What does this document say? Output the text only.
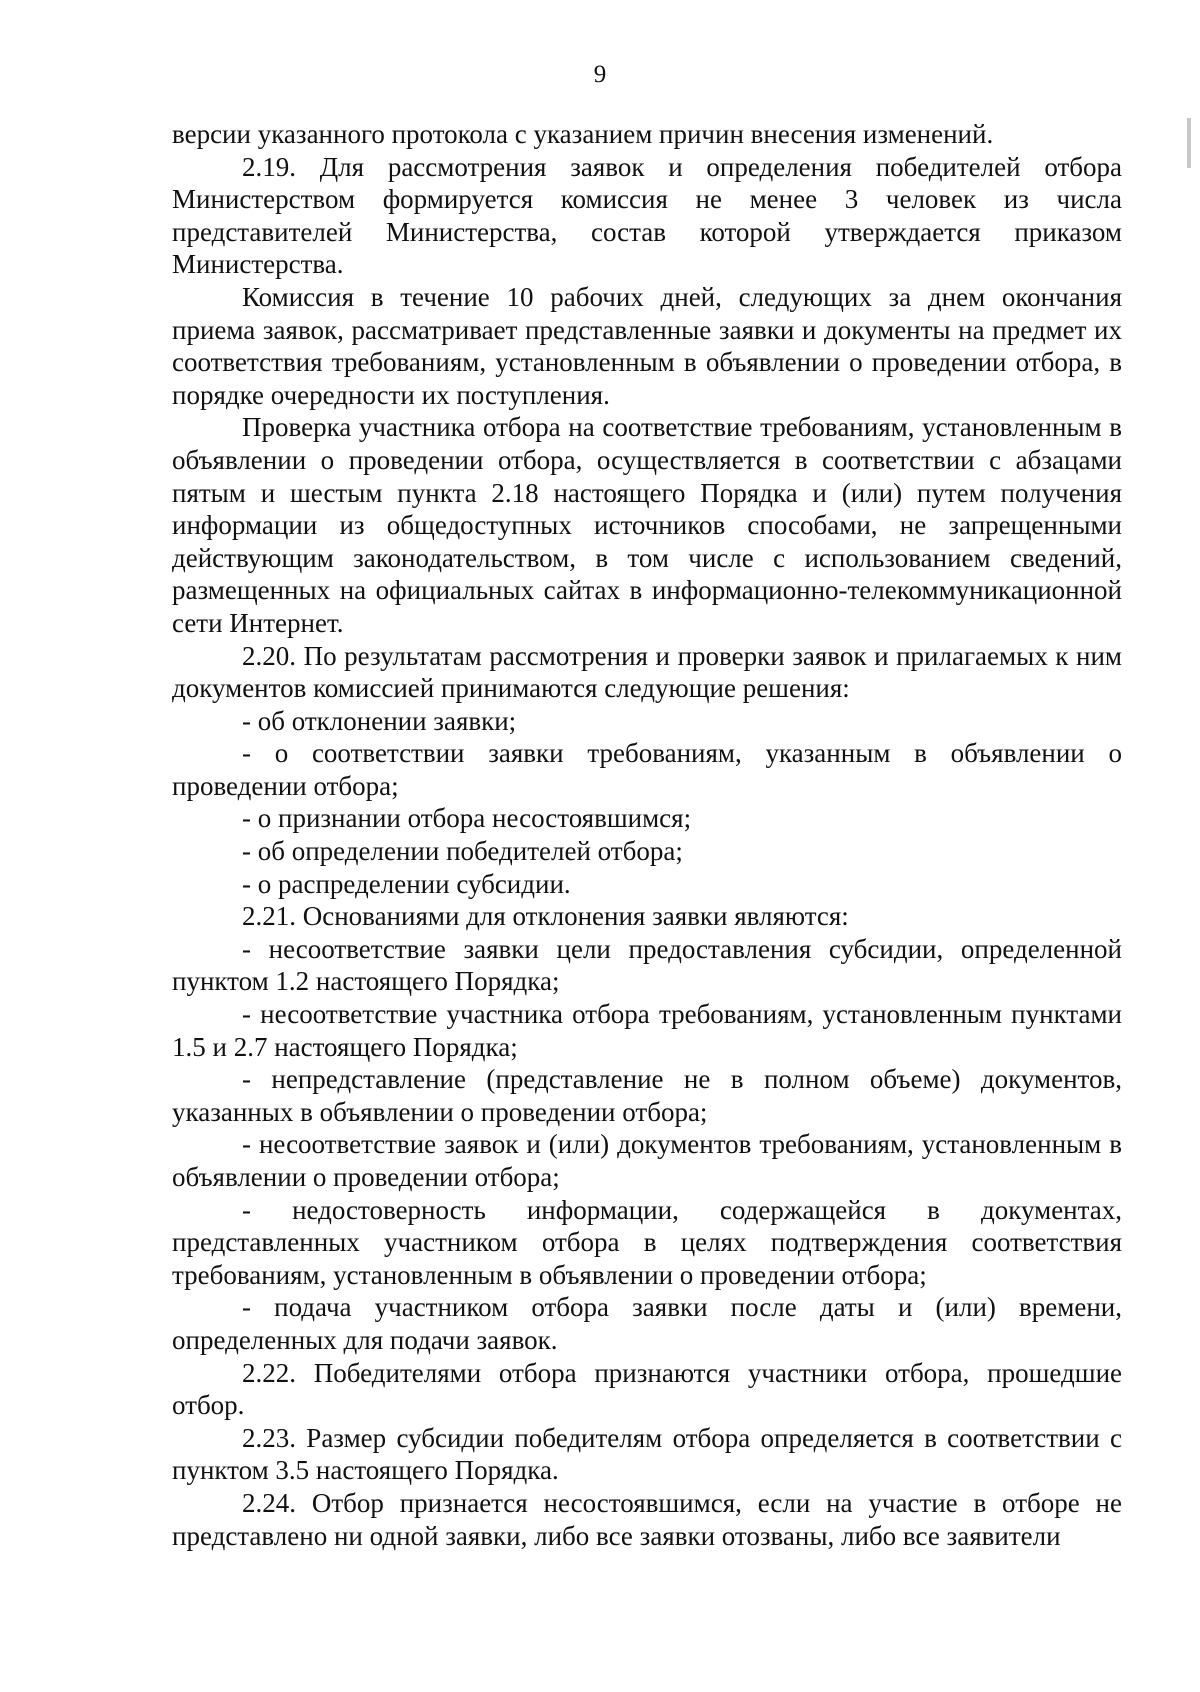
9

версии указанного протокола с указанием причин внесения изменений.

2.19. Для рассмотрения заявок и определения победителей отбора Министерством формируется комиссия не менее 3 человек из числа представителей Министерства, состав которой утверждается приказом Министерства.

Комиссия в течение 10 рабочих дней, следующих за днем окончания приема заявок, рассматривает представленные заявки и документы на предмет их соответствия требованиям, установленным в объявлении о проведении отбора, в порядке очередности их поступления.

Проверка участника отбора на соответствие требованиям, установленным в объявлении о проведении отбора, осуществляется в соответствии с абзацами пятым и шестым пункта 2.18 настоящего Порядка и (или) путем получения информации из общедоступных источников способами, не запрещенными действующим законодательством, в том числе с использованием сведений, размещенных на официальных сайтах в информационно-телекоммуникационной сети Интернет.

2.20. По результатам рассмотрения и проверки заявок и прилагаемых к ним документов комиссией принимаются следующие решения:

- об отклонении заявки;

- о соответствии заявки требованиям, указанным в объявлении о проведении отбора;

- о признании отбора несостоявшимся;

- об определении победителей отбора;

- о распределении субсидии.

2.21. Основаниями для отклонения заявки являются:

- несоответствие заявки цели предоставления субсидии, определенной пунктом 1.2 настоящего Порядка;

- несоответствие участника отбора требованиям, установленным пунктами 1.5 и 2.7 настоящего Порядка;

- непредставление (представление не в полном объеме) документов, указанных в объявлении о проведении отбора;

- несоответствие заявок и (или) документов требованиям, установленным в объявлении о проведении отбора;

- недостоверность информации, содержащейся в документах, представленных участником отбора в целях подтверждения соответствия требованиям, установленным в объявлении о проведении отбора;

- подача участником отбора заявки после даты и (или) времени, определенных для подачи заявок.

2.22. Победителями отбора признаются участники отбора, прошедшие отбор.

2.23. Размер субсидии победителям отбора определяется в соответствии с пунктом 3.5 настоящего Порядка.

2.24. Отбор признается несостоявшимся, если на участие в отборе не представлено ни одной заявки, либо все заявки отозваны, либо все заявители
